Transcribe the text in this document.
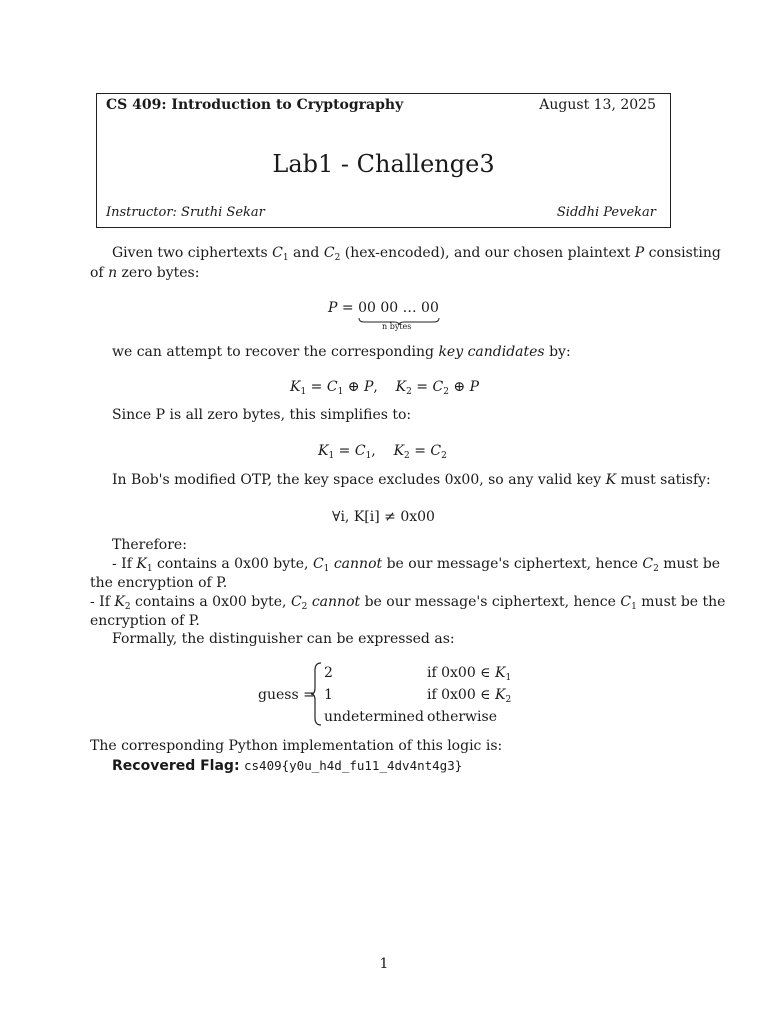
CS 409: Introduction to Cryptography	August 13, 2025
Lab1 - Challenge3
Instructor: Sruthi Sekar	Siddhi Pevekar
Given two ciphertexts $C_1$ and $C_2$ (hex-encoded), and our chosen plaintext P consisting
of n zero bytes:
P = 00 00 … 00
n bytes
we can attempt to recover the corresponding key candidates by:
$K_1 = C_1$ ⊕ P,    $K_2 = C_2$ ⊕ P
Since P is all zero bytes, this simplifies to:
$K_1 = C_1$,    $K_2 = C_2$
In Bob's modified OTP, the key space excludes 0x00, so any valid key K must satisfy:
∀i, K[i] ≠ 0x00
Therefore:
- If $K_1$ contains a 0x00 byte, $C_1$ cannot be our message's ciphertext, hence $C_2$ must be
the encryption of P.
- If $K_2$ contains a 0x00 byte, $C_2$ cannot be our message's ciphertext, hence $C_1$ must be the
encryption of P.
Formally, the distinguisher can be expressed as:
guess =
2	if 0x00 ∈ $K_1$
1	if 0x00 ∈ $K_2$
undetermined otherwise
The corresponding Python implementation of this logic is:
Recovered Flag: cs409{y0u_h4d_fu11_4dv4nt4g3}
1
